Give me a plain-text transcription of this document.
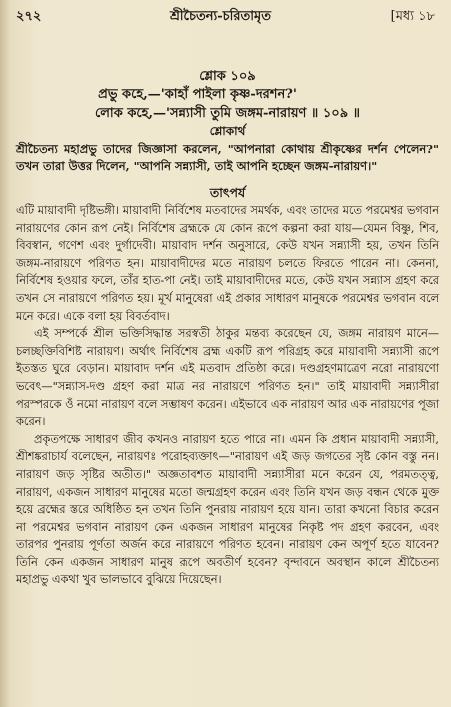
২৭২	শ্রীচৈতন্য-চরিতামৃত	[মধ্য ১৮
শ্লোক ১০৯
প্রভু কহে,—'কাহাঁ পাইলা কৃষ্ণ-দরশন?'
লোক কহে,—'সন্ন্যাসী তুমি জঙ্গম-নারায়ণ ॥ ১০৯ ॥
শ্লোকার্থ

শ্রীচৈতন্য মহাপ্রভু তাদের জিজ্ঞাসা করলেন, "আপনারা কোথায় শ্রীকৃষ্ণের দর্শন পেলেন?" তখন তারা উত্তর দিলেন, "আপনি সন্ন্যাসী, তাই আপনি হচ্ছেন জঙ্গম-নারায়ণ।"

তাৎপর্য

এটি মায়াবাদী দৃষ্টিভঙ্গী। মায়াবাদী নির্বিশেষ মতবাদের সমর্থক, এবং তাদের মতে পরমেশ্বর ভগবান নারায়ণের কোন রূপ নেই। নির্বিশেষ ব্রহ্মকে যে কোন রূপে কল্পনা করা যায়—যেমন বিষ্ণু, শিব, বিবস্বান, গণেশ এবং দুর্গাদেবী। মায়াবাদ দর্শন অনুসারে, কেউ যখন সন্ন্যাসী হয়, তখন তিনি জঙ্গম-নারায়ণে পরিণত হন। মায়াবাদীদের মতে নারায়ণ চলতে ফিরতে পারেন না। কেননা, নির্বিশেষ হওয়ার ফলে, তাঁর হাত-পা নেই। তাই মায়াবাদীদের মতে, কেউ যখন সন্ন্যাস গ্রহণ করে তখন সে নারায়ণে পরিণত হয়। মূর্খ মানুষেরা এই প্রকার সাধারণ মানুষকে পরমেশ্বর ভগবান বলে মনে করে। একে বলা হয় বিবর্তবাদ।

এই সম্পর্কে শ্রীল ভক্তিসিদ্ধান্ত সরস্বতী ঠাকুর মন্তব্য করেছেন যে, জঙ্গম নারায়ণ মানে—চলচ্ছক্তিবিশিষ্ট নারায়ণ। অর্থাৎ নির্বিশেষ ব্রহ্ম একটি রূপ পরিগ্রহ করে মায়াবাদী সন্ন্যাসী রূপে ইতস্তত ঘুরে বেড়ান। মায়াবাদ দর্শন এই মতবাদ প্রতিষ্ঠা করে। দণ্ডগ্রহণমাত্রেণ নরো নারায়ণো ভবেৎ—"সন্ন্যাস-দণ্ড গ্রহণ করা মাত্র নর নারায়ণে পরিণত হন।" তাই মায়াবাদী সন্ন্যাসীরা পরস্পরকে ওঁ নমো নারায়ণ বলে সম্ভাষণ করেন। এইভাবে এক নারায়ণ আর এক নারায়ণের পূজা করেন।

প্রকৃতপক্ষে সাধারণ জীব কখনও নারায়ণ হতে পারে না। এমন কি প্রধান মায়াবাদী সন্ন্যাসী, শ্রীশঙ্করাচার্য বলেছেন, নারায়ণঃ পরোহব্যক্তাৎ—"নারায়ণ এই জড় জগতের সৃষ্ট কোন বস্তু নন। নারায়ণ জড় সৃষ্টির অতীত।" অজ্ঞতাবশত মায়াবাদী সন্ন্যাসীরা মনে করেন যে, পরমতত্ত্ব, নারায়ণ, একজন সাধারণ মানুষের মতো জন্মগ্রহণ করেন এবং তিনি যখন জড় বন্ধন থেকে মুক্ত হয়ে ব্রহ্মের স্তরে অধিষ্ঠিত হন তখন তিনি পুনরায় নারায়ণ হয়ে যান। তারা কখনো বিচার করেন না পরমেশ্বর ভগবান নারায়ণ কেন একজন সাধারণ মানুষের নিকৃষ্ট পদ গ্রহণ করবেন, এবং তারপর পুনরায় পূর্ণতা অর্জন করে নারায়ণে পরিণত হবেন। নারায়ণ কেন অপূর্ণ হতে যাবেন? তিনি কেন একজন সাধারণ মানুষ রূপে অবতীর্ণ হবেন? বৃন্দাবনে অবস্থান কালে শ্রীচৈতন্য মহাপ্রভু একথা খুব ভালভাবে বুঝিয়ে দিয়েছেন।
